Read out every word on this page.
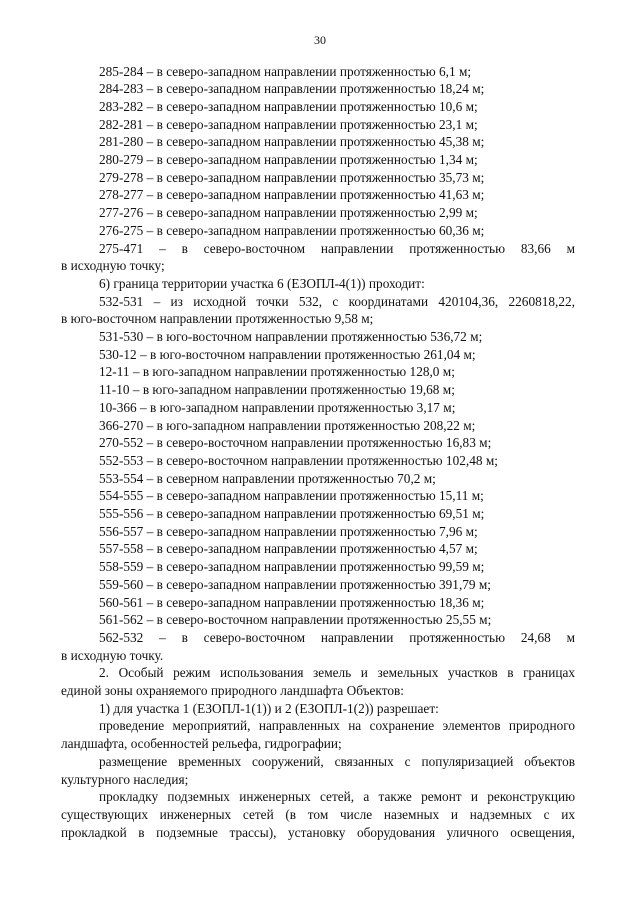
30
285-284 – в северо-западном направлении протяженностью 6,1 м;
284-283 – в северо-западном направлении протяженностью 18,24 м;
283-282 – в северо-западном направлении протяженностью 10,6 м;
282-281 – в северо-западном направлении протяженностью 23,1 м;
281-280 – в северо-западном направлении протяженностью 45,38 м;
280-279 – в северо-западном направлении протяженностью 1,34 м;
279-278 – в северо-западном направлении протяженностью 35,73 м;
278-277 – в северо-западном направлении протяженностью 41,63 м;
277-276 – в северо-западном направлении протяженностью 2,99 м;
276-275 – в северо-западном направлении протяженностью 60,36 м;
275-471 – в северо-восточном направлении протяженностью 83,66 м
в исходную точку;
6) граница территории участка 6 (ЕЗОПЛ-4(1)) проходит:
532-531 – из исходной точки 532, с координатами 420104,36, 2260818,22,
в юго-восточном направлении протяженностью 9,58 м;
531-530 – в юго-восточном направлении протяженностью 536,72 м;
530-12 – в юго-восточном направлении протяженностью 261,04 м;
12-11 – в юго-западном направлении протяженностью 128,0 м;
11-10 – в юго-западном направлении протяженностью 19,68 м;
10-366 – в юго-западном направлении протяженностью 3,17 м;
366-270 – в юго-западном направлении протяженностью 208,22 м;
270-552 – в северо-восточном направлении протяженностью 16,83 м;
552-553 – в северо-восточном направлении протяженностью 102,48 м;
553-554 – в северном направлении протяженностью 70,2 м;
554-555 – в северо-западном направлении протяженностью 15,11 м;
555-556 – в северо-западном направлении протяженностью 69,51 м;
556-557 – в северо-западном направлении протяженностью 7,96 м;
557-558 – в северо-западном направлении протяженностью 4,57 м;
558-559 – в северо-западном направлении протяженностью 99,59 м;
559-560 – в северо-западном направлении протяженностью 391,79 м;
560-561 – в северо-западном направлении протяженностью 18,36 м;
561-562 – в северо-восточном направлении протяженностью 25,55 м;
562-532 – в северо-восточном направлении протяженностью 24,68 м
в исходную точку.
2. Особый режим использования земель и земельных участков в границах
единой зоны охраняемого природного ландшафта Объектов:
1) для участка 1 (ЕЗОПЛ-1(1)) и 2 (ЕЗОПЛ-1(2)) разрешает:
проведение мероприятий, направленных на сохранение элементов природного
ландшафта, особенностей рельефа, гидрографии;
размещение временных сооружений, связанных с популяризацией объектов
культурного наследия;
прокладку подземных инженерных сетей, а также ремонт и реконструкцию
существующих инженерных сетей (в том числе наземных и надземных с их
прокладкой в подземные трассы), установку оборудования уличного освещения,
